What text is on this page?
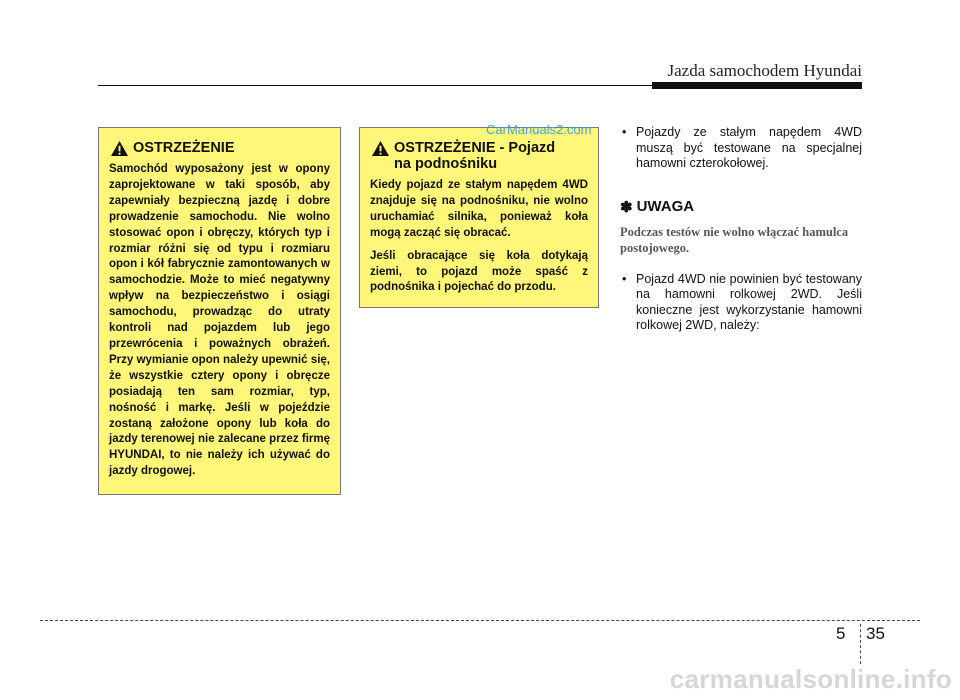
Jazda samochodem Hyundai
OSTRZEŻENIE

Samochód wyposażony jest w opony zaprojektowane w taki sposób, aby zapewniały bezpieczną jazdę i dobre prowadzenie samochodu. Nie wolno stosować opon i obręczy, których typ i rozmiar różni się od typu i rozmiaru opon i kół fabrycznie zamontowanych w samochodzie. Może to mieć negatywny wpływ na bezpieczeństwo i osiągi samochodu, prowadząc do utraty kontroli nad pojazdem lub jego przewrócenia i poważnych obrażeń. Przy wymianie opon należy upewnić się, że wszystkie cztery opony i obręcze posiadają ten sam rozmiar, typ, nośność i markę. Jeśli w pojeździe zostaną założone opony lub koła do jazdy terenowej nie zalecane przez firmę HYUNDAI, to nie należy ich używać do jazdy drogowej.

OSTRZEŻENIE - Pojazd
na podnośniku

Kiedy pojazd ze stałym napędem 4WD znajduje się na podnośniku, nie wolno uruchamiać silnika, ponieważ koła mogą zacząć się obracać.

Jeśli obracające się koła dotykają ziemi, to pojazd może spaść z podnośnika i pojechać do przodu.

CarManuals2.com • Pojazdy ze stałym napędem 4WD muszą być testowane na specjalnej hamowni czterokołowej.

✽ UWAGA

Podczas testów nie wolno włączać hamulca postojowego.

• Pojazd 4WD nie powinien być testowany na hamowni rolkowej 2WD. Jeśli konieczne jest wykorzystanie hamowni rolkowej 2WD, należy:

5 35
carmanualsonline.info
